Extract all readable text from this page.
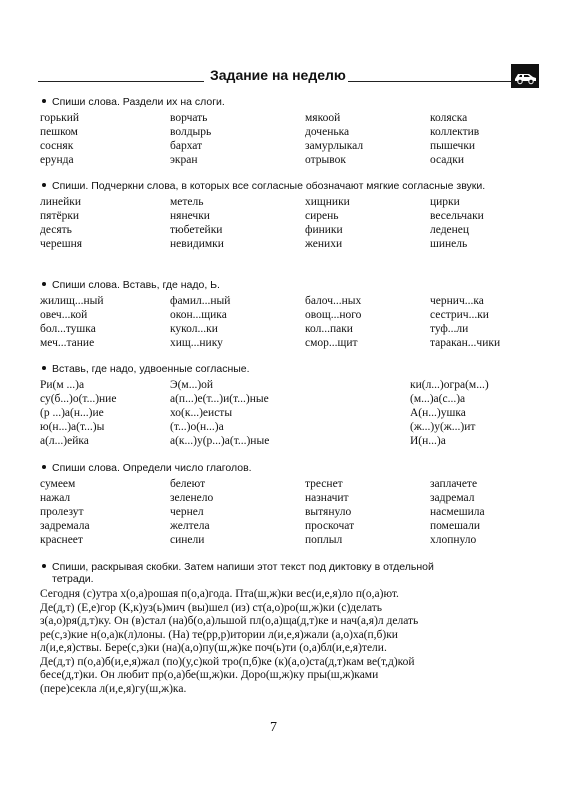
Задание на неделю
Спиши слова. Раздели их на слоги.
горький	ворчать	мякоой	коляска
пешком	волдырь	доченька	коллектив
сосняк	бархат	замурлыкал	пышечки
ерунда	экран	отрывок	осадки
Спиши. Подчеркни слова, в которых все согласные обозначают мягкие согласные звуки.
линейки	метель	хищники	цирки
пятёрки	нянечки	сирень	весельчаки
десять	тюбетейки	финики	леденец
черешня	невидимки	женихи	шинель
Спиши слова. Вставь, где надо, Ь.
жилищ...ный	фамил...ный	балоч...ных	чернич...ка
овеч...кой	окон...щика	овощ...ного	сестрич...ки
бол...тушка	кукол...ки	кол...паки	туф...ли
меч...тание	хищ...нику	смор...щит	таракан...чики
Вставь, где надо, удвоенные согласные.
Ри(м ...)а	Э(м...)ой	ки(л...)огра(м...)
су(б...)о(т...)ние	а(п...)е(т...)и(т...)ные	(м...)а(с...)а
(р ...)а(н...)ие	хо(к...)еисты	А(н...)ушка
ю(н...)а(т...)ы	(т...)о(н...)а	(ж...)у(ж...)ит
а(л...)ейка	а(к...)у(р...)а(т...)ные	И(н...)а
Спиши слова. Определи число глаголов.
сумеем	белеют	треснет	заплачете
нажал	зеленело	назначит	задремал
пролезут	чернел	вытянуло	насмешила
задремала	желтела	проскочат	помешали
краснеет	синели	поплыл	хлопнуло
Спиши, раскрывая скобки. Затем напиши этот текст под диктовку в отдельной
тетради.
Сегодня (с)утра х(о,а)рошая п(о,а)года. Пта(ш,ж)ки вес(и,е,я)ло п(о,а)ют.
Де(д,т) (Е,е)гор (К,к)уз(ь)мич (вы)шел (из) ст(а,о)ро(ш,ж)ки (с)делать
з(а,о)ря(д,т)ку. Он (в)стал (на)б(о,а)льшой пл(о,а)ща(д,т)ке и нач(а,я)л делать
ре(с,з)кие н(о,а)к(л)лоны. (На) те(рр,р)итории л(и,е,я)жали (а,о)ха(п,б)ки
л(и,е,я)ствы. Бере(с,з)ки (на)(а,о)пу(ш,ж)ке поч(ь)ти (о,а)бл(и,е,я)тели.
Де(д,т) п(о,а)б(и,е,я)жал (по)(у,с)кой тро(п,б)ке (к)(а,о)ста(д,т)кам ве(т,д)кой
бесе(д,т)ки. Он любит пр(о,а)бе(ш,ж)ки. Доро(ш,ж)ку пры(ш,ж)ками
(пере)секла л(и,е,я)гу(ш,ж)ка.
7
